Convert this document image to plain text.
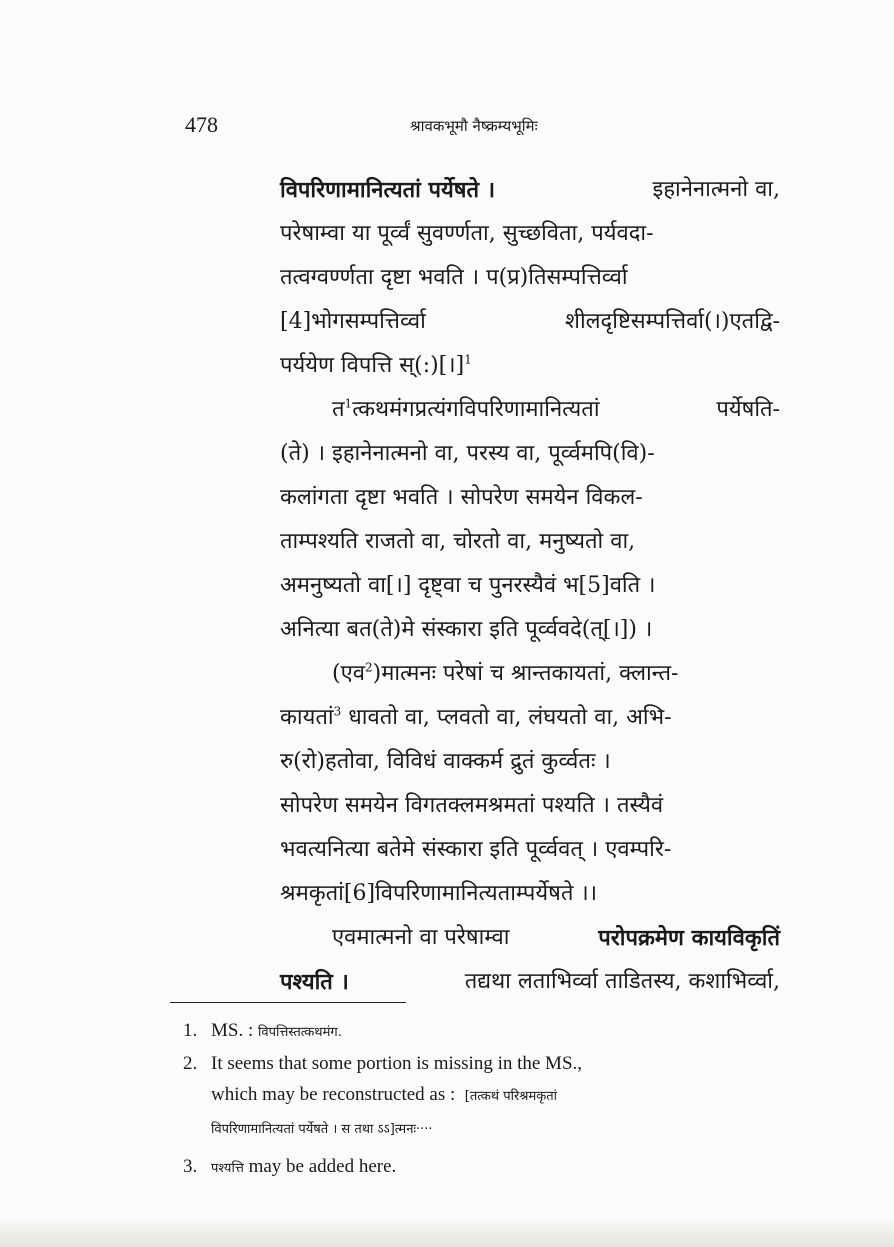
478	श्रावकभूमौ नैष्क्रम्यभूमिः
विपरिणामानित्यतां पर्येषते ।	इहानेनात्मनो वा,
परेषाम्वा या पूर्व्वं सुवर्ण्णता, सुच्छविता, पर्यवदा-
तत्वग्वर्ण्णता दृष्टा भवति । प(प्र)तिसम्पत्तिर्व्वा
[4]भोगसम्पत्तिर्व्वा	शीलदृष्टिसम्पत्तिर्वा(।)एतद्वि-
पर्ययेण विपत्ति स्(:)[।]$^1$
त$^1$त्कथमंगप्रत्यंगविपरिणामानित्यतां	पर्येषति-
(ते) । इहानेनात्मनो वा, परस्य वा, पूर्व्वमपि(वि)-
कलांगता दृष्टा भवति । सोपरेण समयेन विकल-
ताम्पश्यति राजतो वा, चोरतो वा, मनुष्यतो वा,
अमनुष्यतो वा[।] दृष्ट्वा च पुनरस्यैवं भ[5]वति ।
अनित्या बत(ते)मे संस्कारा इति पूर्व्ववदे(त्[।]) ।
(एव$^2$)मात्मनः परेषां च श्रान्तकायतां, क्लान्त-
कायतां$^3$ धावतो वा, प्लवतो वा, लंघयतो वा, अभि-
रु(रो)हतोवा, विविधं वाक्कर्म द्रुतं कुर्व्वतः ।
सोपरेण समयेन विगतक्लमश्रमतां पश्यति । तस्यैवं
भवत्यनित्या बतेमे संस्कारा इति पूर्व्ववत् । एवम्परि-
श्रमकृतां[6]विपरिणामानित्यताम्पर्येषते ।।
एवमात्मनो वा परेषाम्वा	परोपक्रमेण कायविकृतिं
पश्यति ।	तद्यथा लताभिर्व्वा ताडितस्य, कशाभिर्व्वा,
1. MS. : विपत्तिस्तत्कथमंग.
2. It seems that some portion is missing in the MS.,
which may be reconstructed as : [तत्कथं परिश्रमकृतां
विपरिणामानित्यतां पर्येषते । स तथा ऽऽ]त्मनः····
3. पश्यत्ति may be added here.
